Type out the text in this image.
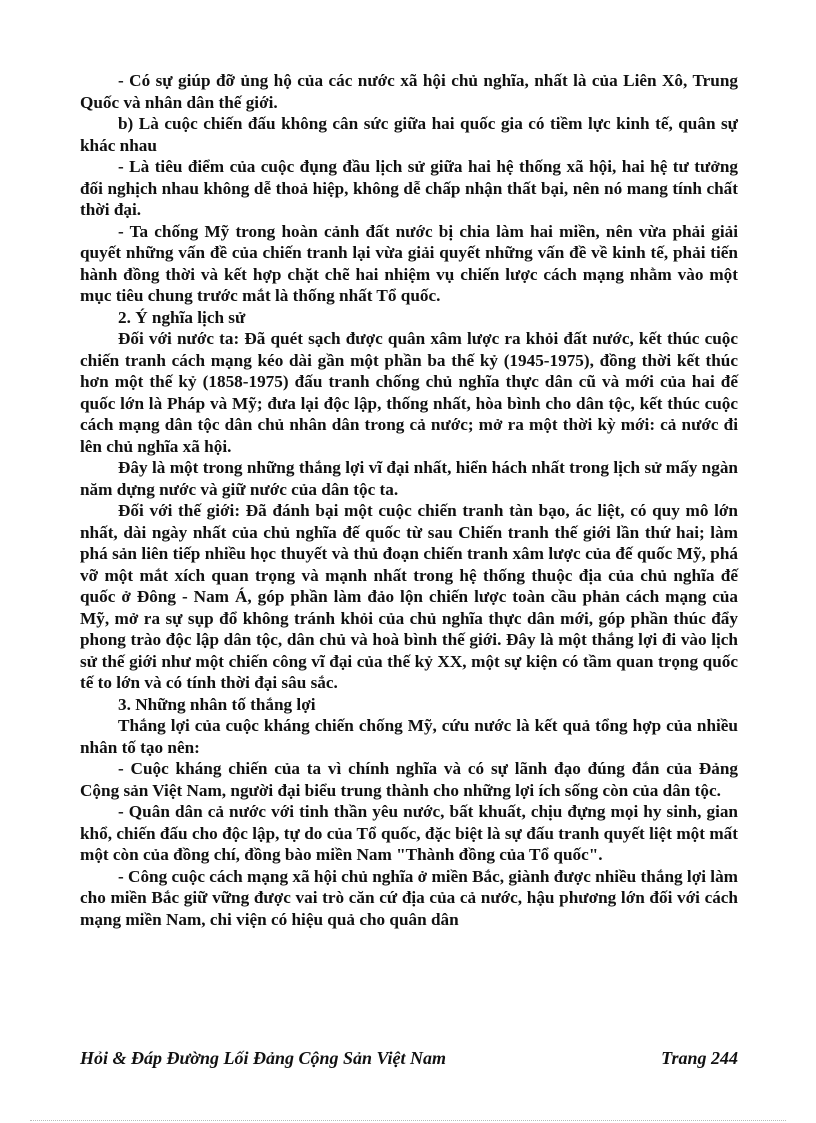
- Có sự giúp đỡ ủng hộ của các nước xã hội chủ nghĩa, nhất là của Liên Xô, Trung Quốc và nhân dân thế giới.

b) Là cuộc chiến đấu không cân sức giữa hai quốc gia có tiềm lực kinh tế, quân sự khác nhau

- Là tiêu điểm của cuộc đụng đầu lịch sử giữa hai hệ thống xã hội, hai hệ tư tưởng đối nghịch nhau không dễ thoả hiệp, không dễ chấp nhận thất bại, nên nó mang tính chất thời đại.

- Ta chống Mỹ trong hoàn cảnh đất nước bị chia làm hai miền, nên vừa phải giải quyết những vấn đề của chiến tranh lại vừa giải quyết những vấn đề về kinh tế, phải tiến hành đồng thời và kết hợp chặt chẽ hai nhiệm vụ chiến lược cách mạng nhằm vào một mục tiêu chung trước mắt là thống nhất Tổ quốc.

2. Ý nghĩa lịch sử

Đối với nước ta: Đã quét sạch được quân xâm lược ra khỏi đất nước, kết thúc cuộc chiến tranh cách mạng kéo dài gần một phần ba thế kỷ (1945-1975), đồng thời kết thúc hơn một thế kỷ (1858-1975) đấu tranh chống chủ nghĩa thực dân cũ và mới của hai đế quốc lớn là Pháp và Mỹ; đưa lại độc lập, thống nhất, hòa bình cho dân tộc, kết thúc cuộc cách mạng dân tộc dân chủ nhân dân trong cả nước; mở ra một thời kỳ mới: cả nước đi lên chủ nghĩa xã hội.

Đây là một trong những thắng lợi vĩ đại nhất, hiển hách nhất trong lịch sử mấy ngàn năm dựng nước và giữ nước của dân tộc ta.

Đối với thế giới: Đã đánh bại một cuộc chiến tranh tàn bạo, ác liệt, có quy mô lớn nhất, dài ngày nhất của chủ nghĩa đế quốc từ sau Chiến tranh thế giới lần thứ hai; làm phá sản liên tiếp nhiều học thuyết và thủ đoạn chiến tranh xâm lược của đế quốc Mỹ, phá vỡ một mắt xích quan trọng và mạnh nhất trong hệ thống thuộc địa của chủ nghĩa đế quốc ở Đông - Nam Á, góp phần làm đảo lộn chiến lược toàn cầu phản cách mạng của Mỹ, mở ra sự sụp đổ không tránh khỏi của chủ nghĩa thực dân mới, góp phần thúc đẩy phong trào độc lập dân tộc, dân chủ và hoà bình thế giới. Đây là một thắng lợi đi vào lịch sử thế giới như một chiến công vĩ đại của thế kỷ XX, một sự kiện có tầm quan trọng quốc tế to lớn và có tính thời đại sâu sắc.

3. Những nhân tố thắng lợi

Thắng lợi của cuộc kháng chiến chống Mỹ, cứu nước là kết quả tổng hợp của nhiều nhân tố tạo nên:

- Cuộc kháng chiến của ta vì chính nghĩa và có sự lãnh đạo đúng đắn của Đảng Cộng sản Việt Nam, người đại biểu trung thành cho những lợi ích sống còn của dân tộc.

- Quân dân cả nước với tinh thần yêu nước, bất khuất, chịu đựng mọi hy sinh, gian khổ, chiến đấu cho độc lập, tự do của Tổ quốc, đặc biệt là sự đấu tranh quyết liệt một mất một còn của đồng chí, đồng bào miền Nam "Thành đồng của Tổ quốc".

- Công cuộc cách mạng xã hội chủ nghĩa ở miền Bắc, giành được nhiều thắng lợi làm cho miền Bắc giữ vững được vai trò căn cứ địa của cả nước, hậu phương lớn đối với cách mạng miền Nam, chi viện có hiệu quả cho quân dân

Hỏi & Đáp Đường Lối Đảng Cộng Sản Việt Nam	Trang 244
